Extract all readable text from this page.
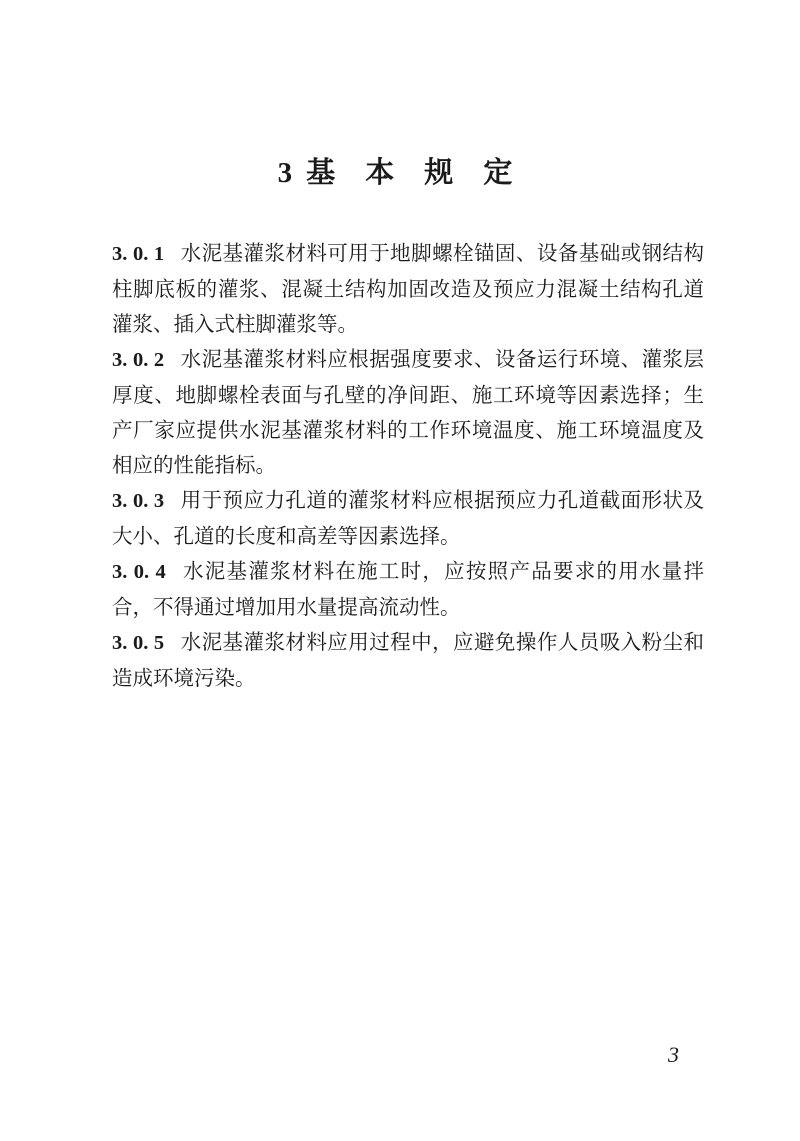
3 基 本 规 定

3. 0. 1 水泥基灌浆材料可用于地脚螺栓锚固、设备基础或钢结构柱脚底板的灌浆、混凝土结构加固改造及预应力混凝土结构孔道灌浆、插入式柱脚灌浆等。

3. 0. 2 水泥基灌浆材料应根据强度要求、设备运行环境、灌浆层厚度、地脚螺栓表面与孔壁的净间距、施工环境等因素选择；生产厂家应提供水泥基灌浆材料的工作环境温度、施工环境温度及相应的性能指标。

3. 0. 3 用于预应力孔道的灌浆材料应根据预应力孔道截面形状及大小、孔道的长度和高差等因素选择。

3. 0. 4 水泥基灌浆材料在施工时，应按照产品要求的用水量拌合，不得通过增加用水量提高流动性。

3. 0. 5 水泥基灌浆材料应用过程中，应避免操作人员吸入粉尘和造成环境污染。

3
